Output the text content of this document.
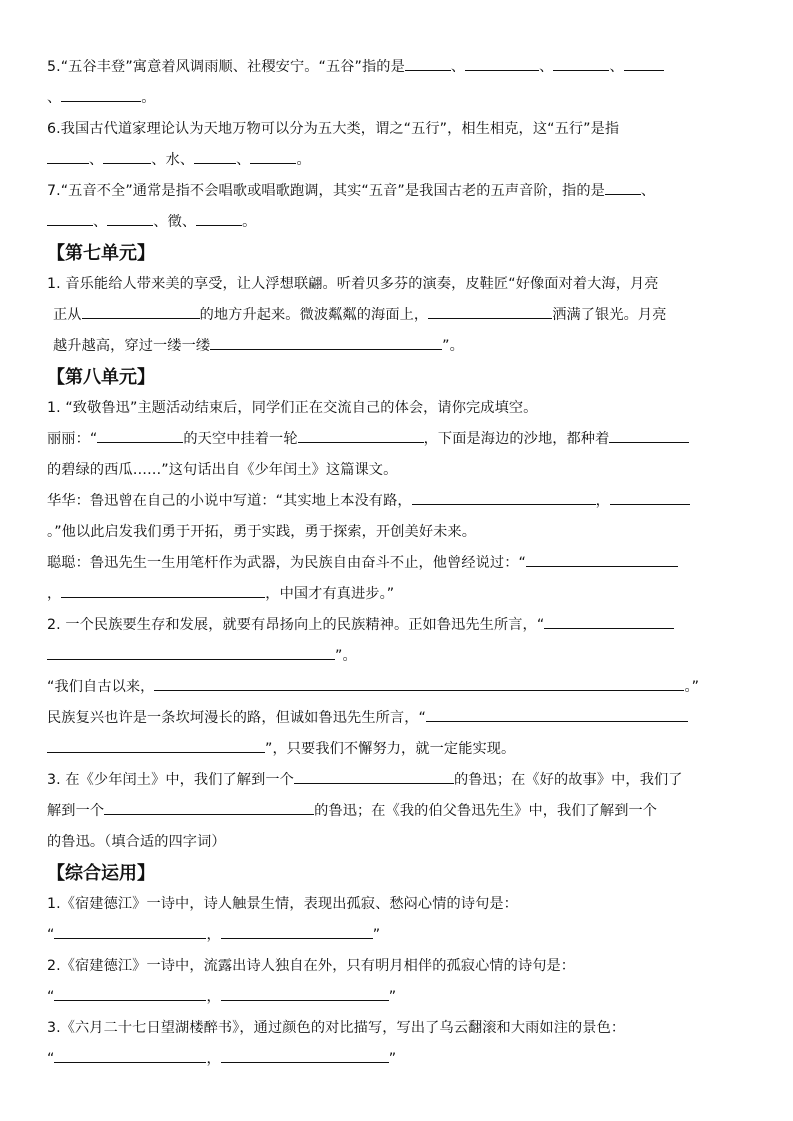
5.“五谷丰登”寓意着风调雨顺、社稷安宁。“五谷”指的是	、	、	、
、	。
6.我国古代道家理论认为天地万物可以分为五大类，谓之“五行”，相生相克，这“五行”是指
、	、水、	、	。
7.“五音不全”通常是指不会唱歌或唱歌跑调，其实“五音”是我国古老的五声音阶，指的是	、
、	、徵、	。
【第七单元】
1. 音乐能给人带来美的享受，让人浮想联翩。听着贝多芬的演奏，皮鞋匠“好像面对着大海，月亮
正从	的地方升起来。微波粼粼的海面上，	洒满了银光。月亮
越升越高，穿过一缕一缕	”。
【第八单元】
1. “致敬鲁迅”主题活动结束后，同学们正在交流自己的体会，请你完成填空。
丽丽：“	的天空中挂着一轮	，下面是海边的沙地，都种着
的碧绿的西瓜……”这句话出自《少年闰土》这篇课文。
华华：鲁迅曾在自己的小说中写道：“其实地上本没有路，	，
。”他以此启发我们勇于开拓，勇于实践，勇于探索，开创美好未来。
聪聪：鲁迅先生一生用笔杆作为武器，为民族自由奋斗不止，他曾经说过：“
，	，中国才有真进步。”
2. 一个民族要生存和发展，就要有昂扬向上的民族精神。正如鲁迅先生所言，“
”。
“我们自古以来，	。”
民族复兴也许是一条坎坷漫长的路，但诚如鲁迅先生所言，“
”，只要我们不懈努力，就一定能实现。
3. 在《少年闰土》中，我们了解到一个	的鲁迅；在《好的故事》中，我们了
解到一个	的鲁迅；在《我的伯父鲁迅先生》中，我们了解到一个
的鲁迅。（填合适的四字词）
【综合运用】
1.《宿建德江》一诗中，诗人触景生情，表现出孤寂、愁闷心情的诗句是：
“	，	”
2.《宿建德江》一诗中，流露出诗人独自在外，只有明月相伴的孤寂心情的诗句是：
“	，	”
3.《六月二十七日望湖楼醉书》，通过颜色的对比描写，写出了乌云翻滚和大雨如注的景色：
“	，	”
